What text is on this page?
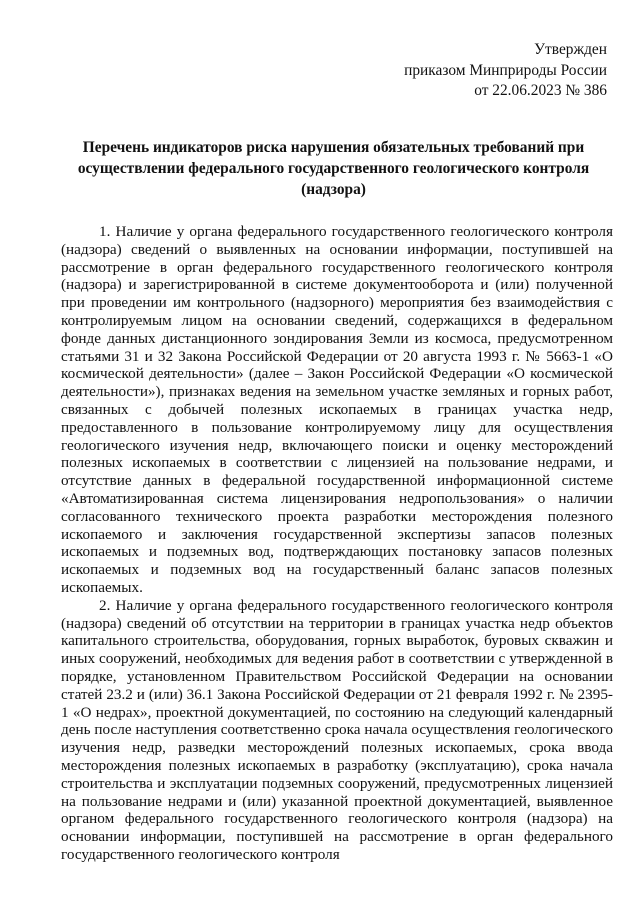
Утвержден
приказом Минприроды России
от 22.06.2023 № 386
Перечень индикаторов риска нарушения обязательных требований при осуществлении федерального государственного геологического контроля (надзора)

1. Наличие у органа федерального государственного геологического контроля (надзора) сведений о выявленных на основании информации, поступившей на рассмотрение в орган федерального государственного геологического контроля (надзора) и зарегистрированной в системе документооборота и (или) полученной при проведении им контрольного (надзорного) мероприятия без взаимодействия с контролируемым лицом на основании сведений, содержащихся в федеральном фонде данных дистанционного зондирования Земли из космоса, предусмотренном статьями 31 и 32 Закона Российской Федерации от 20 августа 1993 г. № 5663-1 «О космической деятельности» (далее – Закон Российской Федерации «О космической деятельности»), признаках ведения на земельном участке земляных и горных работ, связанных с добычей полезных ископаемых в границах участка недр, предоставленного в пользование контролируемому лицу для осуществления геологического изучения недр, включающего поиски и оценку месторождений полезных ископаемых в соответствии с лицензией на пользование недрами, и отсутствие данных в федеральной государственной информационной системе «Автоматизированная система лицензирования недропользования» о наличии согласованного технического проекта разработки месторождения полезного ископаемого и заключения государственной экспертизы запасов полезных ископаемых и подземных вод, подтверждающих постановку запасов полезных ископаемых и подземных вод на государственный баланс запасов полезных ископаемых.

2. Наличие у органа федерального государственного геологического контроля (надзора) сведений об отсутствии на территории в границах участка недр объектов капитального строительства, оборудования, горных выработок, буровых скважин и иных сооружений, необходимых для ведения работ в соответствии с утвержденной в порядке, установленном Правительством Российской Федерации на основании статей 23.2 и (или) 36.1 Закона Российской Федерации от 21 февраля 1992 г. № 2395-1 «О недрах», проектной документацией, по состоянию на следующий календарный день после наступления соответственно срока начала осуществления геологического изучения недр, разведки месторождений полезных ископаемых, срока ввода месторождения полезных ископаемых в разработку (эксплуатацию), срока начала строительства и эксплуатации подземных сооружений, предусмотренных лицензией на пользование недрами и (или) указанной проектной документацией, выявленное органом федерального государственного геологического контроля (надзора) на основании информации, поступившей на рассмотрение в орган федерального государственного геологического контроля
